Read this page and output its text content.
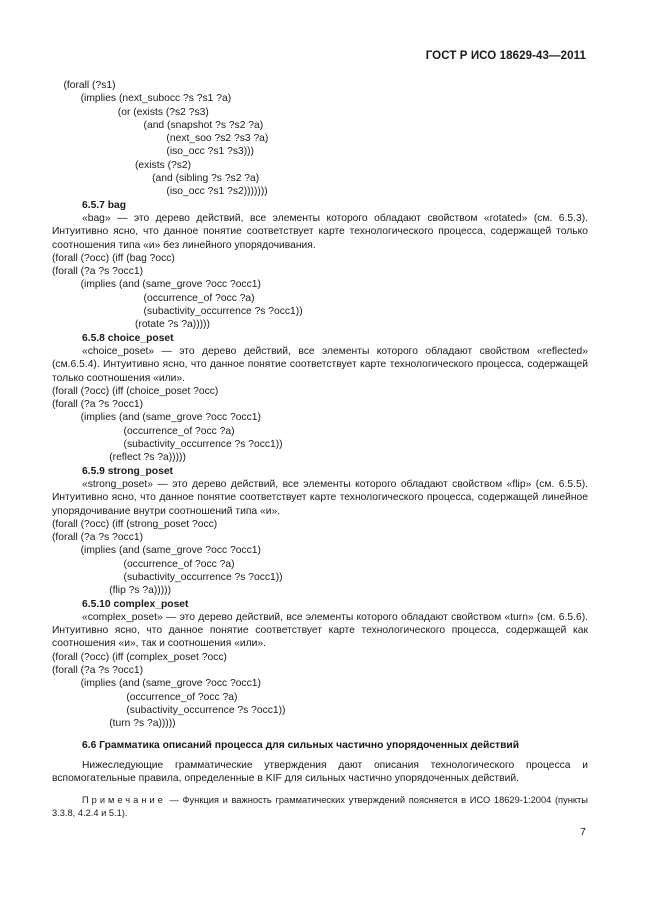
ГОСТ Р ИСО 18629-43—2011
(forall (?s1)
(implies (next_subocc ?s ?s1 ?a)
(or (exists (?s2 ?s3)
(and (snapshot ?s ?s2 ?a)
(next_soo ?s2 ?s3 ?a)
(iso_occ ?s1 ?s3)))
(exists (?s2)
(and (sibling ?s ?s2 ?a)
(iso_occ ?s1 ?s2)))))))
6.5.7 bag

«bag» — это дерево действий, все элементы которого обладают свойством «rotated» (см. 6.5.3). Интуитивно ясно, что данное понятие соответствует карте технологического процесса, содержащей только соотношения типа «и» без линейного упорядочивания.

(forall (?occ) (iff (bag ?occ)
(forall (?a ?s ?occ1)
(implies (and (same_grove ?occ ?occ1)
(occurrence_of ?occ ?a)
(subactivity_occurrence ?s ?occ1))
(rotate ?s ?a)))))
6.5.8 choice_poset

«choice_poset» — это дерево действий, все элементы которого обладают свойством «reflected» (см.6.5.4). Интуитивно ясно, что данное понятие соответствует карте технологического процесса, содержащей только соотношения «или».

(forall (?occ) (iff (choice_poset ?occ)
(forall (?a ?s ?occ1)
(implies (and (same_grove ?occ ?occ1)
(occurrence_of ?occ ?a)
(subactivity_occurrence ?s ?occ1))
(reflect ?s ?a)))))
6.5.9 strong_poset

«strong_poset» — это дерево действий, все элементы которого обладают свойством «flip» (см. 6.5.5). Интуитивно ясно, что данное понятие соответствует карте технологического процесса, содержащей линейное упорядочивание внутри соотношений типа «и».

(forall (?occ) (iff (strong_poset ?occ)
(forall (?a ?s ?occ1)
(implies (and (same_grove ?occ ?occ1)
(occurrence_of ?occ ?a)
(subactivity_occurrence ?s ?occ1))
(flip ?s ?a)))))
6.5.10 complex_poset

«complex_poset» — это дерево действий, все элементы которого обладают свойством «turn» (см. 6.5.6). Интуитивно ясно, что данное понятие соответствует карте технологического процесса, содержащей как соотношения «и», так и соотношения «или».

(forall (?occ) (iff (complex_poset ?occ)
(forall (?a ?s ?occ1)
(implies (and (same_grove ?occ ?occ1)
(occurrence_of ?occ ?a)
(subactivity_occurrence ?s ?occ1))
(turn ?s ?a)))))
6.6 Грамматика описаний процесса для сильных частично упорядоченных действий

Нижеследующие грамматические утверждения дают описания технологического процесса и вспомогательные правила, определенные в KIF для сильных частично упорядоченных действий.

Примечание — Функция и важность грамматических утверждений поясняется в ИСО 18629-1:2004 (пункты 3.3.8, 4.2.4 и 5.1).

7
